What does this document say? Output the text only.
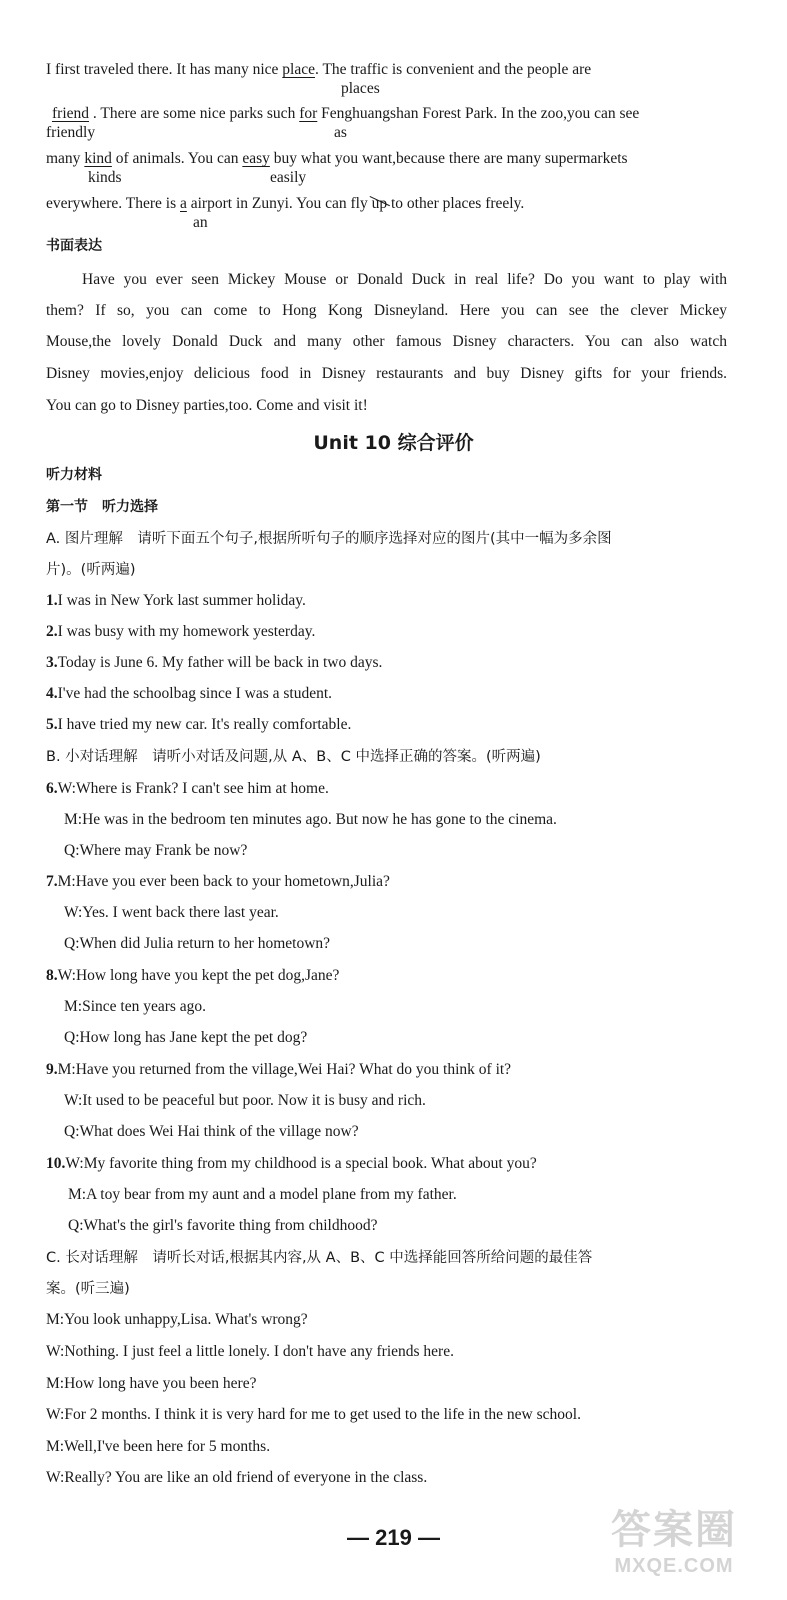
I first traveled there. It has many nice place. The traffic is convenient and the people are
places
friend . There are some nice parks such for Fenghuangshan Forest Park. In the zoo,you can see
friendly	as
many kind of animals. You can easy buy what you want,because there are many supermarkets
kinds	easily
everywhere. There is a airport in Zunyi. You can fly up to other places freely.
an
书面表达
Have you ever seen Mickey Mouse or Donald Duck in real life? Do you want to play with
them? If so, you can come to Hong Kong Disneyland. Here you can see the clever Mickey
Mouse,the lovely Donald Duck and many other famous Disney characters. You can also watch
Disney movies,enjoy delicious food in Disney restaurants and buy Disney gifts for your friends.
You can go to Disney parties,too. Come and visit it!
Unit 10 综合评价
听力材料
第一节　听力选择
A. 图片理解　请听下面五个句子,根据所听句子的顺序选择对应的图片(其中一幅为多余图
片)。(听两遍)
1.I was in New York last summer holiday.
2.I was busy with my homework yesterday.
3.Today is June 6. My father will be back in two days.
4.I've had the schoolbag since I was a student.
5.I have tried my new car. It's really comfortable.
B. 小对话理解　请听小对话及问题,从 A、B、C 中选择正确的答案。(听两遍)
6.W:Where is Frank? I can't see him at home.
M:He was in the bedroom ten minutes ago. But now he has gone to the cinema.
Q:Where may Frank be now?
7.M:Have you ever been back to your hometown,Julia?
W:Yes. I went back there last year.
Q:When did Julia return to her hometown?
8.W:How long have you kept the pet dog,Jane?
M:Since ten years ago.
Q:How long has Jane kept the pet dog?
9.M:Have you returned from the village,Wei Hai? What do you think of it?
W:It used to be peaceful but poor. Now it is busy and rich.
Q:What does Wei Hai think of the village now?
10.W:My favorite thing from my childhood is a special book. What about you?
M:A toy bear from my aunt and a model plane from my father.
Q:What's the girl's favorite thing from childhood?
C. 长对话理解　请听长对话,根据其内容,从 A、B、C 中选择能回答所给问题的最佳答
案。(听三遍)
M:You look unhappy,Lisa. What's wrong?
W:Nothing. I just feel a little lonely. I don't have any friends here.
M:How long have you been here?
W:For 2 months. I think it is very hard for me to get used to the life in the new school.
M:Well,I've been here for 5 months.
W:Really? You are like an old friend of everyone in the class.
— 219 —	答案圈
MXQE.COM
